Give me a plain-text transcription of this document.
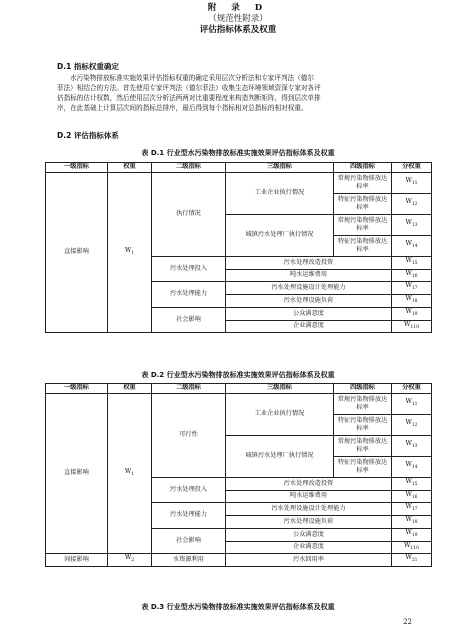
附 录 D
（规范性附录）
评估指标体系及权重
D.1 指标权重确定
水污染物排放标准实施效果评估指标权重的确定采用层次分析法和专家评判法（德尔
菲法）相结合的方法。首先使用专家评判法（德尔菲法）收集生态环境领域资深专家对各评
估指标的估计权数，然后使用层次分析法两两对比重要程度来构造判断矩阵，得到层次单排
序，在此基础上计算层次间的指标总排序，最后得到每个指标相对总指标的相对权重。
D.2 评估指标体系
表 D.1 行业型水污染物排放标准实施效果评估指标体系及权重
一级指标	权重	二级指标	三级指标	四级指标	分权重
直接影响	$W_1$	执行情况	工业企业执行情况	常规污染物排放达标率	$W_{11}$
				特征污染物排放达标率	$W_{12}$
			城镇污水处理厂执行情况	常规污染物排放达标率	$W_{13}$
				特征污染物排放达标率	$W_{14}$
		污水处理投入	污水处理改造投资		$W_{15}$
			吨水运维费用		$W_{16}$
		污水处理能力	污水处理设施设计处理能力		$W_{17}$
			污水处理设施负荷		$W_{18}$
		社会影响	公众满意度		$W_{19}$
			企业满意度		$W_{110}$
表 D.2 行业型水污染物排放标准实施效果评估指标体系及权重
一级指标	权重	二级指标	三级指标	四级指标	分权重
直接影响	$W_1$	可行性	工业企业执行情况	常规污染物排放达标率	$W_{11}$
				特征污染物排放达标率	$W_{12}$
			城镇污水处理厂执行情况	常规污染物排放达标率	$W_{13}$
				特征污染物排放达标率	$W_{14}$
		污水处理投入	污水处理改造投资		$W_{15}$
			吨水运维费用		$W_{16}$
		污水处理能力	污水处理设施设计处理能力		$W_{17}$
			污水处理设施负荷		$W_{18}$
		社会影响	公众满意度		$W_{19}$
			企业满意度		$W_{110}$
间接影响	$W_2$	水资源利用	污水回用率		$W_{21}$
表 D.3 行业型水污染物排放标准实施效果评估指标体系及权重
22
